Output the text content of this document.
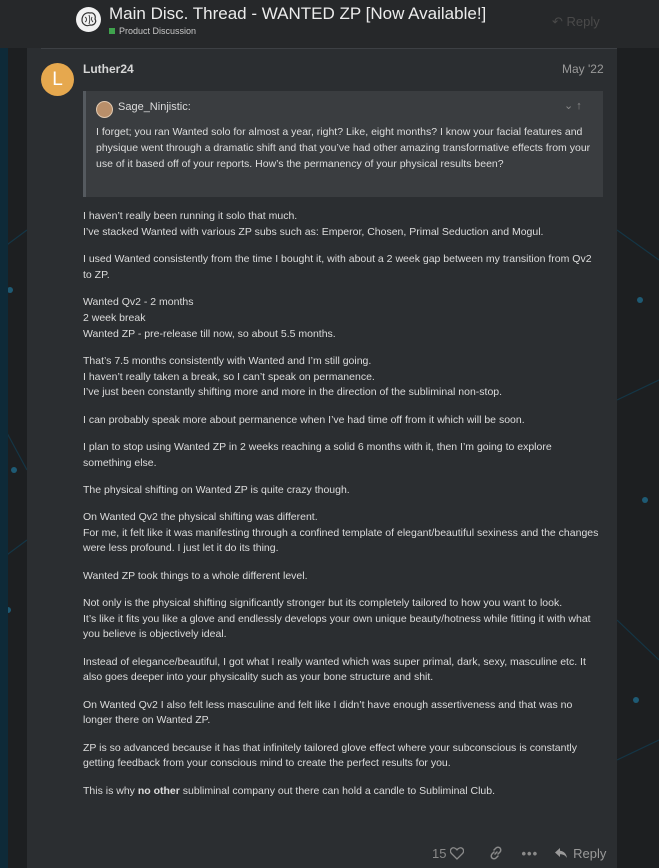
Main Disc. Thread - WANTED ZP [Now Available!]
Product Discussion
↶ Reply
L	Luther24	May '22
Sage_Ninjistic:	⌄↑
I forget; you ran Wanted solo for almost a year, right? Like, eight months? I know your facial features and physique went through a dramatic shift and that you’ve had other amazing transformative effects from your use of it based off of your reports. How’s the permanency of your physical results been?

I haven’t really been running it solo that much.
I’ve stacked Wanted with various ZP subs such as: Emperor, Chosen, Primal Seduction and Mogul.

I used Wanted consistently from the time I bought it, with about a 2 week gap between my transition from Qv2 to ZP.

Wanted Qv2 - 2 months
2 week break
Wanted ZP - pre-release till now, so about 5.5 months.

That’s 7.5 months consistently with Wanted and I’m still going.
I haven’t really taken a break, so I can’t speak on permanence.
I’ve just been constantly shifting more and more in the direction of the subliminal non-stop.

I can probably speak more about permanence when I’ve had time off from it which will be soon.

I plan to stop using Wanted ZP in 2 weeks reaching a solid 6 months with it, then I’m going to explore something else.

The physical shifting on Wanted ZP is quite crazy though.

On Wanted Qv2 the physical shifting was different.
For me, it felt like it was manifesting through a confined template of elegant/beautiful sexiness and the changes were less profound. I just let it do its thing.

Wanted ZP took things to a whole different level.

Not only is the physical shifting significantly stronger but its completely tailored to how you want to look.
It’s like it fits you like a glove and endlessly develops your own unique beauty/hotness while fitting it with what you believe is objectively ideal.

Instead of elegance/beautiful, I got what I really wanted which was super primal, dark, sexy, masculine etc. It also goes deeper into your physicality such as your bone structure and shit.

On Wanted Qv2 I also felt less masculine and felt like I didn’t have enough assertiveness and that was no longer there on Wanted ZP.

ZP is so advanced because it has that infinitely tailored glove effect where your subconscious is constantly getting feedback from your conscious mind to create the perfect results for you.

This is why no other subliminal company out there can hold a candle to Subliminal Club.

15	•••	Reply
